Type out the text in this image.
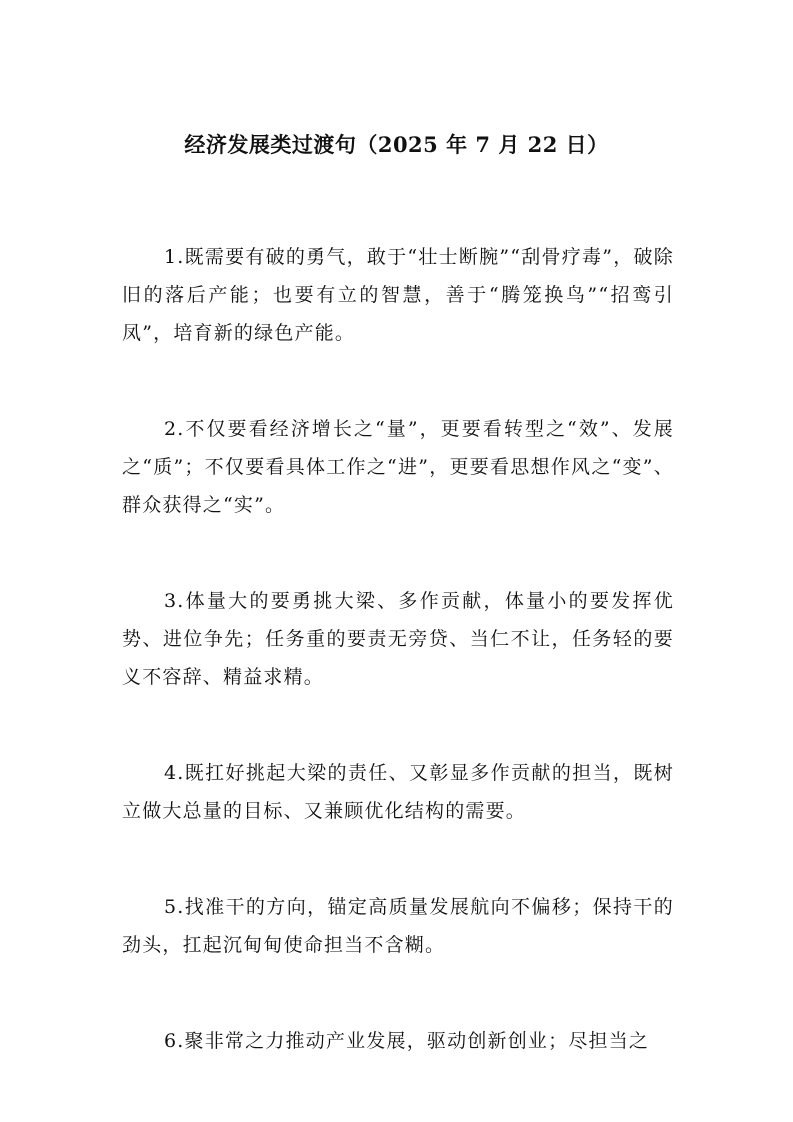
经济发展类过渡句（2025 年 7 月 22 日）

1.既需要有破的勇气，敢于“壮士断腕”“刮骨疗毒”，破除旧的落后产能；也要有立的智慧，善于“腾笼换鸟”“招鸾引凤”，培育新的绿色产能。

2.不仅要看经济增长之“量”，更要看转型之“效”、发展之“质”；不仅要看具体工作之“进”，更要看思想作风之“变”、群众获得之“实”。

3.体量大的要勇挑大梁、多作贡献，体量小的要发挥优势、进位争先；任务重的要责无旁贷、当仁不让，任务轻的要义不容辞、精益求精。

4.既扛好挑起大梁的责任、又彰显多作贡献的担当，既树立做大总量的目标、又兼顾优化结构的需要。

5.找准干的方向，锚定高质量发展航向不偏移；保持干的劲头，扛起沉甸甸使命担当不含糊。

6.聚非常之力推动产业发展，驱动创新创业；尽担当之
